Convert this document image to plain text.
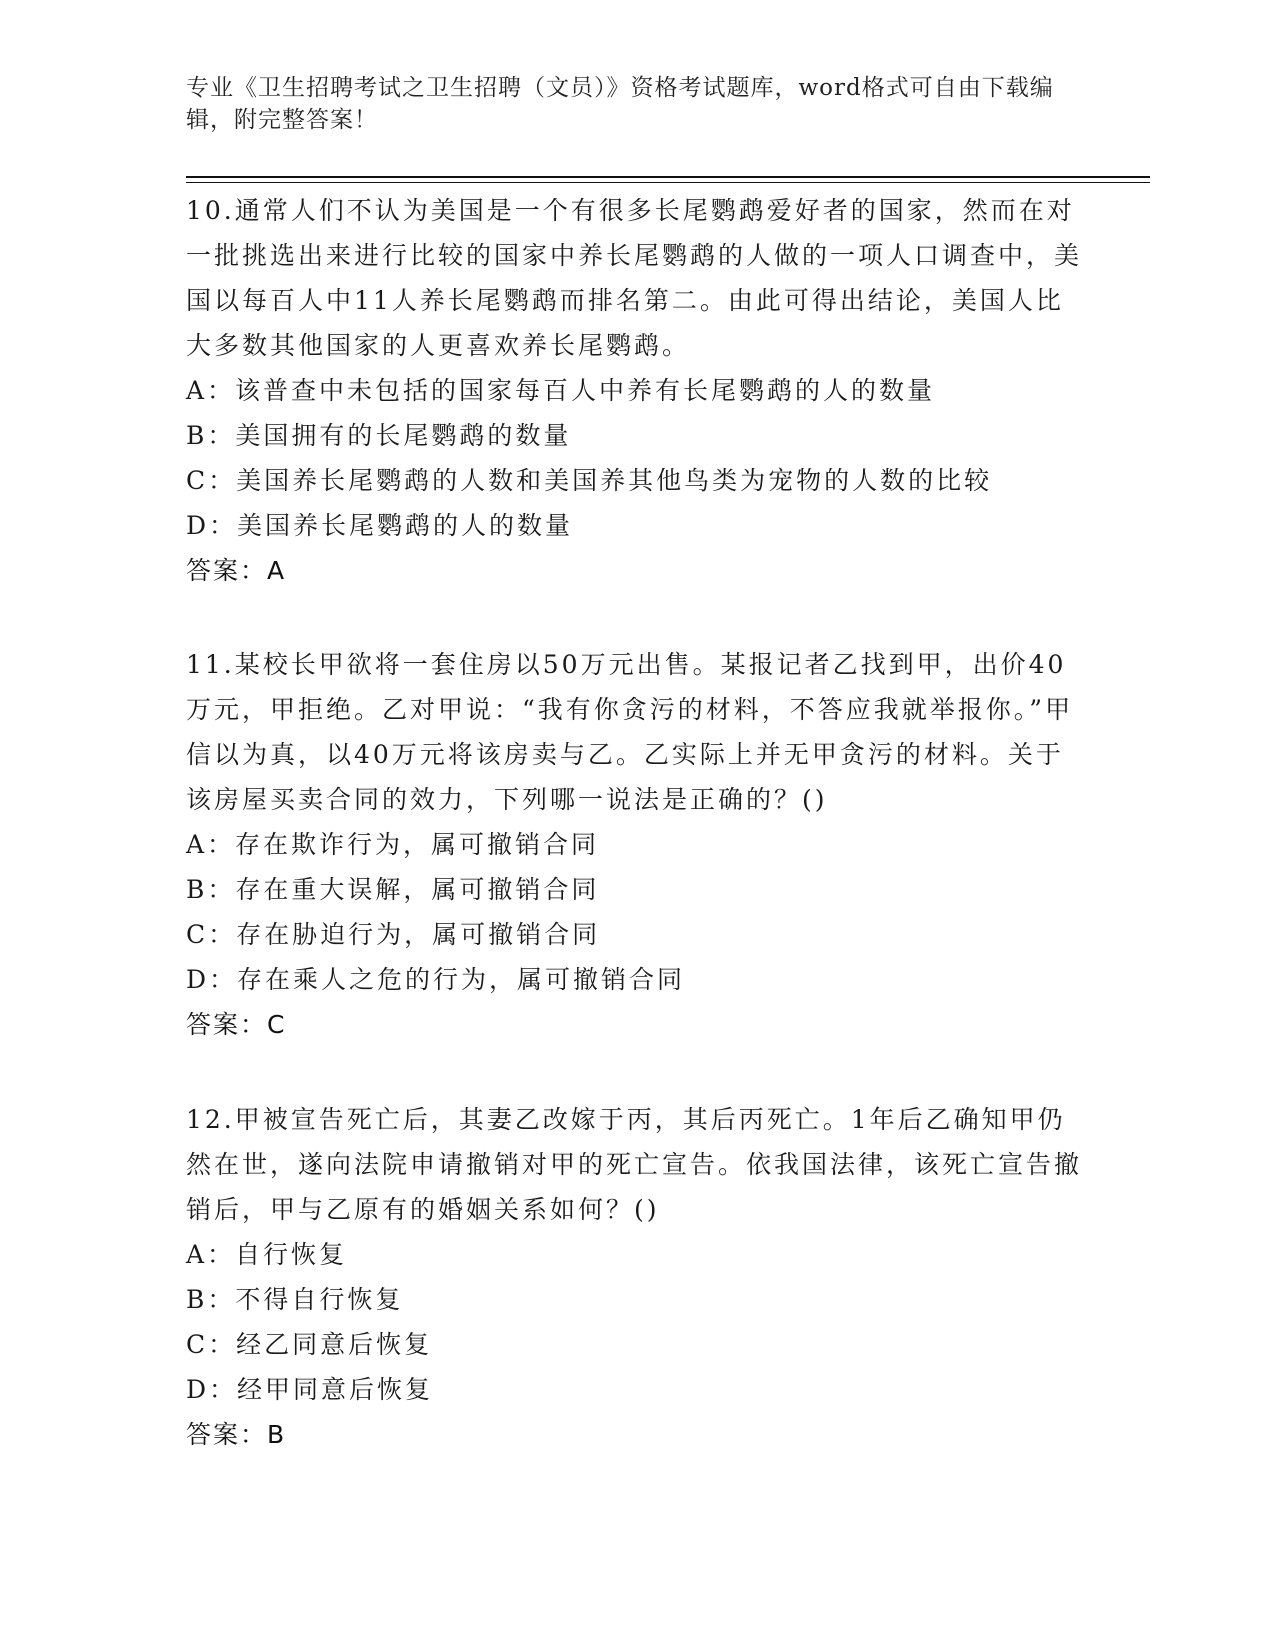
专业《卫生招聘考试之卫生招聘（文员）》资格考试题库，word格式可自由下载编辑，附完整答案！
10.通常人们不认为美国是一个有很多长尾鹦鹉爱好者的国家，然而在对一批挑选出来进行比较的国家中养长尾鹦鹉的人做的一项人口调查中，美国以每百人中11人养长尾鹦鹉而排名第二。由此可得出结论，美国人比大多数其他国家的人更喜欢养长尾鹦鹉。
A：该普查中未包括的国家每百人中养有长尾鹦鹉的人的数量
B：美国拥有的长尾鹦鹉的数量
C：美国养长尾鹦鹉的人数和美国养其他鸟类为宠物的人数的比较
D：美国养长尾鹦鹉的人的数量
答案：A
11.某校长甲欲将一套住房以50万元出售。某报记者乙找到甲，出价40万元，甲拒绝。乙对甲说：“我有你贪污的材料，不答应我就举报你。”甲信以为真，以40万元将该房卖与乙。乙实际上并无甲贪污的材料。关于该房屋买卖合同的效力，下列哪一说法是正确的？()
A：存在欺诈行为，属可撤销合同
B：存在重大误解，属可撤销合同
C：存在胁迫行为，属可撤销合同
D：存在乘人之危的行为，属可撤销合同
答案：C
12.甲被宣告死亡后，其妻乙改嫁于丙，其后丙死亡。1年后乙确知甲仍然在世，遂向法院申请撤销对甲的死亡宣告。依我国法律，该死亡宣告撤销后，甲与乙原有的婚姻关系如何？()
A：自行恢复
B：不得自行恢复
C：经乙同意后恢复
D：经甲同意后恢复
答案：B
